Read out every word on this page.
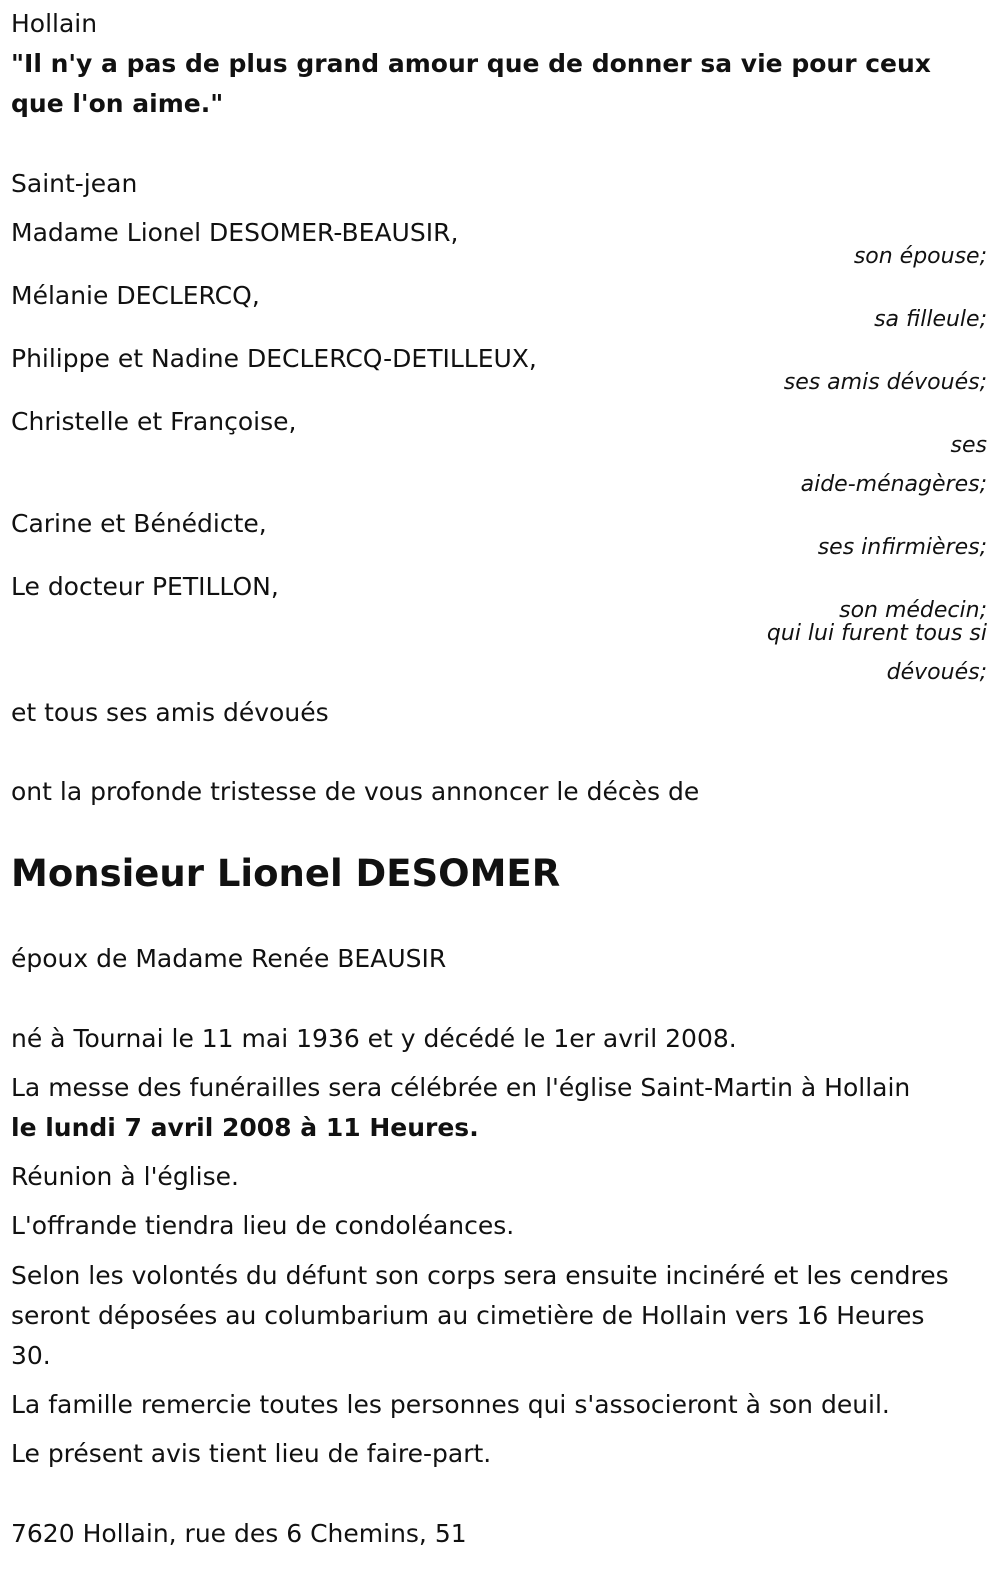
Hollain

"Il n'y a pas de plus grand amour que de donner sa vie pour ceux que l'on aime."

Saint-jean

Madame Lionel DESOMER-BEAUSIR,

son épouse;

Mélanie DECLERCQ,

sa filleule;

Philippe et Nadine DECLERCQ-DETILLEUX,

ses amis dévoués;

Christelle et Françoise,

ses

aide-ménagères;

Carine et Bénédicte,

ses infirmières;

Le docteur PETILLON,

son médecin;

qui lui furent tous si

dévoués;

et tous ses amis dévoués

ont la profonde tristesse de vous annoncer le décès de

Monsieur Lionel DESOMER

époux de Madame Renée BEAUSIR

né à Tournai le 11 mai 1936 et y décédé le 1er avril 2008.

La messe des funérailles sera célébrée en l'église Saint-Martin à Hollain

le lundi 7 avril 2008 à 11 Heures.

Réunion à l'église.

L'offrande tiendra lieu de condoléances.

Selon les volontés du défunt son corps sera ensuite incinéré et les cendres seront déposées au columbarium au cimetière de Hollain vers 16 Heures 30.

La famille remercie toutes les personnes qui s'associeront à son deuil.

Le présent avis tient lieu de faire-part.

7620 Hollain, rue des 6 Chemins, 51
